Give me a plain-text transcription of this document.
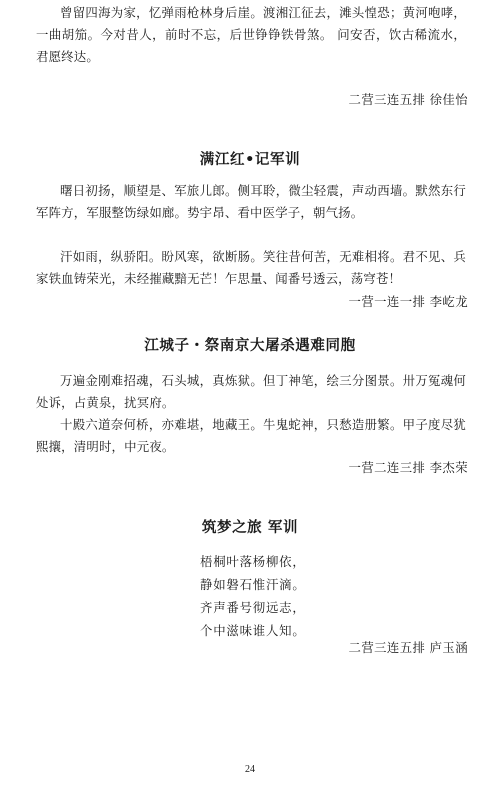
曾留四海为家，忆弹雨枪林身后崖。渡湘江征去，滩头惶恐；黄河咆哮，一曲胡笳。今对昔人，前时不忘，后世铮铮铁骨煞。 问安否，饮古稀流水，君愿终达。

二营三连五排 徐佳怡

满江红•记军训

曙日初扬，顺望是、军旅儿郎。侧耳聆，微尘轻震，声动西墙。默然东行军阵方，军服整饬绿如廊。势宇昂、看中医学子，朝气扬。

汗如雨，纵骄阳。盼风寒，欲断肠。笑往昔何苦，无难相将。君不见、兵家铁血铸荣光，未经摧藏黯无芒！乍思量、闻番号透云，荡穹苍！

一营一连一排 李屹龙

江城子・祭南京大屠杀遇难同胞

万遍金刚难招魂，石头城，真炼狱。但丁神笔，绘三分图景。卅万冤魂何处诉，占黄泉，扰冥府。

十殿六道奈何桥，亦难堪，地藏王。牛鬼蛇神，只愁造册繁。甲子度尽犹熙攘，清明时，中元夜。

一营二连三排 李杰荣

筑梦之旅 军训
梧桐叶落杨柳依，
静如磐石惟汗滴。
齐声番号彻远志，
个中滋味谁人知。

二营三连五排 庐玉涵

24
